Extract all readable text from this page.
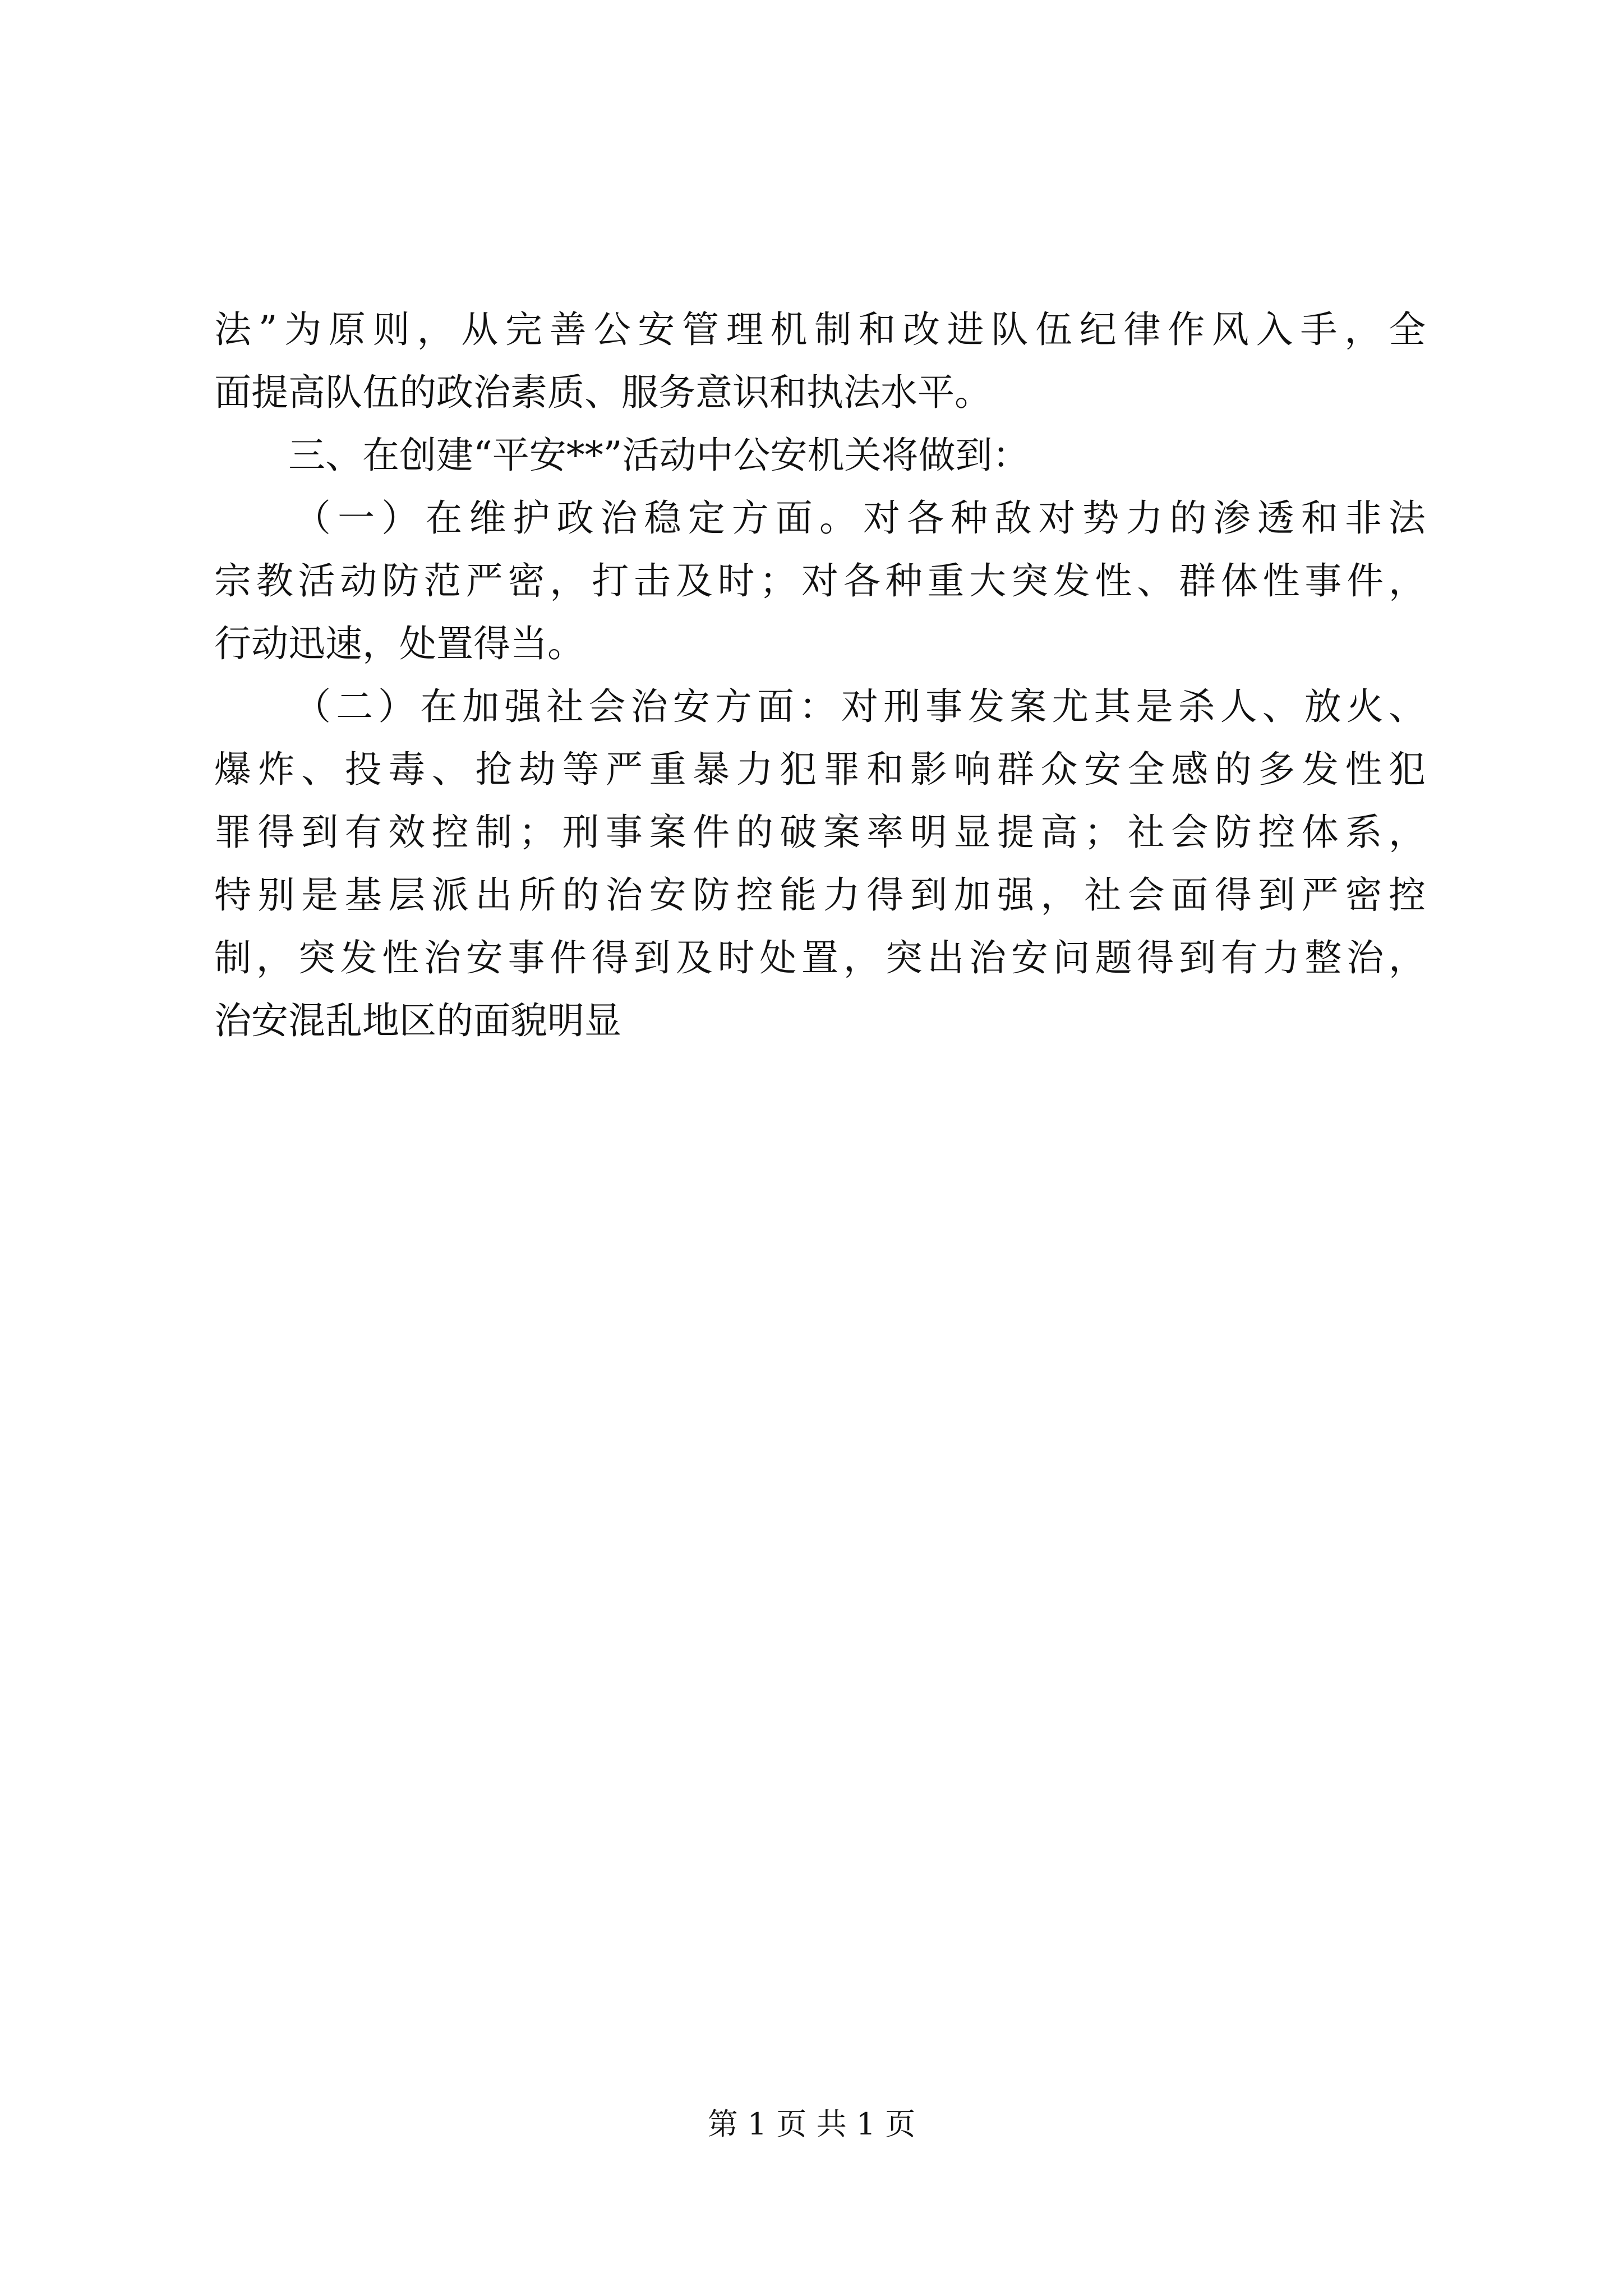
法”为原则，从完善公安管理机制和改进队伍纪律作风入手，全
面提高队伍的政治素质、服务意识和执法水平。
三、在创建“平安**”活动中公安机关将做到：
（一）在维护政治稳定方面。对各种敌对势力的渗透和非法
宗教活动防范严密，打击及时；对各种重大突发性、群体性事件，
行动迅速，处置得当。
（二）在加强社会治安方面：对刑事发案尤其是杀人、放火、
爆炸、投毒、抢劫等严重暴力犯罪和影响群众安全感的多发性犯
罪得到有效控制；刑事案件的破案率明显提高；社会防控体系，
特别是基层派出所的治安防控能力得到加强，社会面得到严密控
制，突发性治安事件得到及时处置，突出治安问题得到有力整治，
治安混乱地区的面貌明显
第 1 页 共 1 页
